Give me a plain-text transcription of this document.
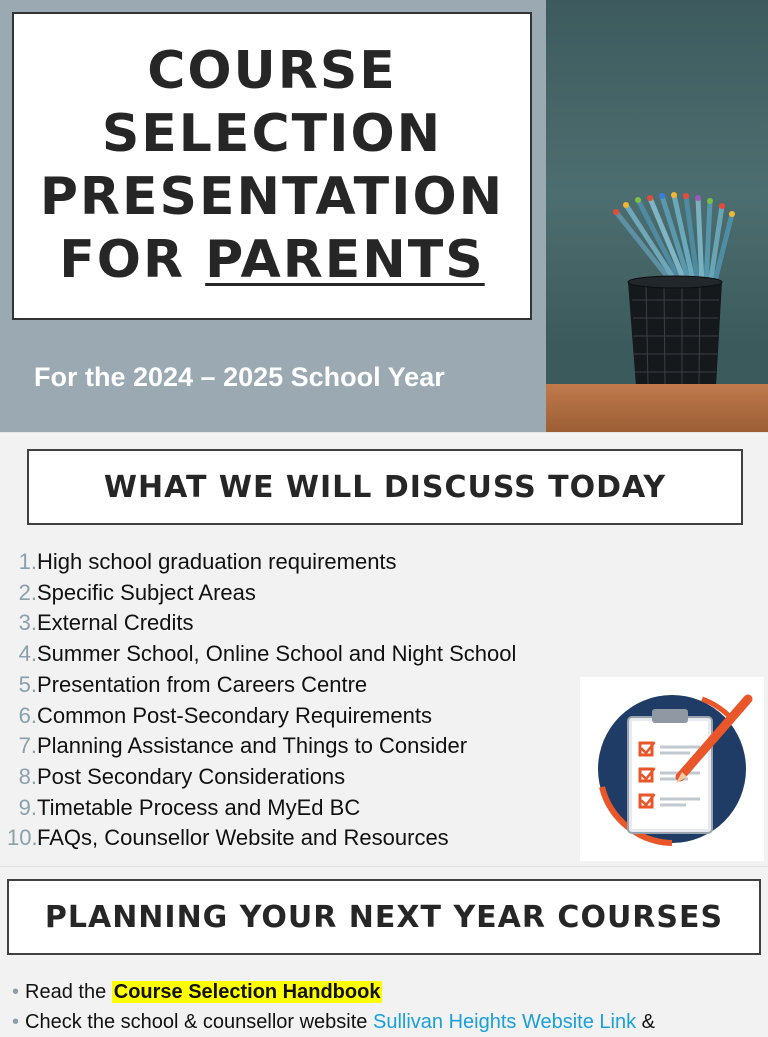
COURSE
SELECTION
PRESENTATION
FOR PARENTS
For the 2024 – 2025 School Year
WHAT WE WILL DISCUSS TODAY
1. High school graduation requirements
2. Specific Subject Areas
3. External Credits
4. Summer School, Online School and Night School
5. Presentation from Careers Centre
6. Common Post-Secondary Requirements
7. Planning Assistance and Things to Consider
8. Post Secondary Considerations
9. Timetable Process and MyEd BC
10. FAQs, Counsellor Website and Resources
PLANNING YOUR NEXT YEAR COURSES
• Read the Course Selection Handbook
• Check the school & counsellor website Sullivan Heights Website Link &
